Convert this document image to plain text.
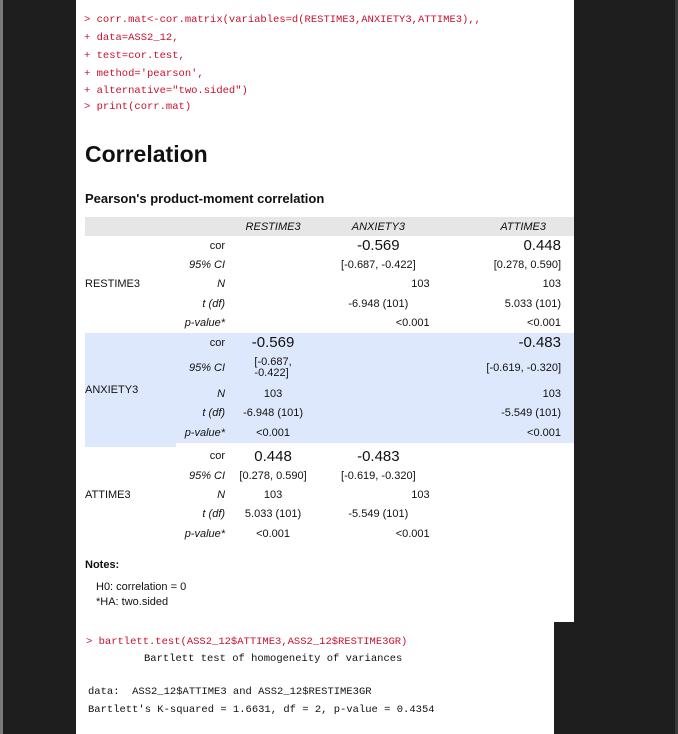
> corr.mat<-cor.matrix(variables=d(RESTIME3,ANXIETY3,ATTIME3),,
+ data=ASS2_12,
+ test=cor.test,
+ method='pearson',
+ alternative="two.sided")
> print(corr.mat)
Correlation
Pearson's product-moment correlation
		RESTIME3	ANXIETY3	ATTIME3
RESTIME3	cor		-0.569	0.448
	95% CI		[-0.687, -0.422]	[0.278, 0.590]
	N		103	103
	t (df)		-6.948 (101)	5.033 (101)
	p-value*		<0.001	<0.001
ANXIETY3	cor	-0.569		-0.483
	95% CI	[-0.687,
-0.422]		[-0.619, -0.320]
	N	103		103
	t (df)	-6.948 (101)		-5.549 (101)
	p-value*	<0.001		<0.001

ATTIME3	cor	0.448	-0.483	
	95% CI	[0.278, 0.590]	[-0.619, -0.320]	
	N	103	103	
	t (df)	5.033 (101)	-5.549 (101)	
	p-value*	<0.001	<0.001	
Notes:
H0: correlation = 0
*HA: two.sided
> bartlett.test(ASS2_12$ATTIME3,ASS2_12$RESTIME3GR)
Bartlett test of homogeneity of variances
data:  ASS2_12$ATTIME3 and ASS2_12$RESTIME3GR
Bartlett's K-squared = 1.6631, df = 2, p-value = 0.4354
